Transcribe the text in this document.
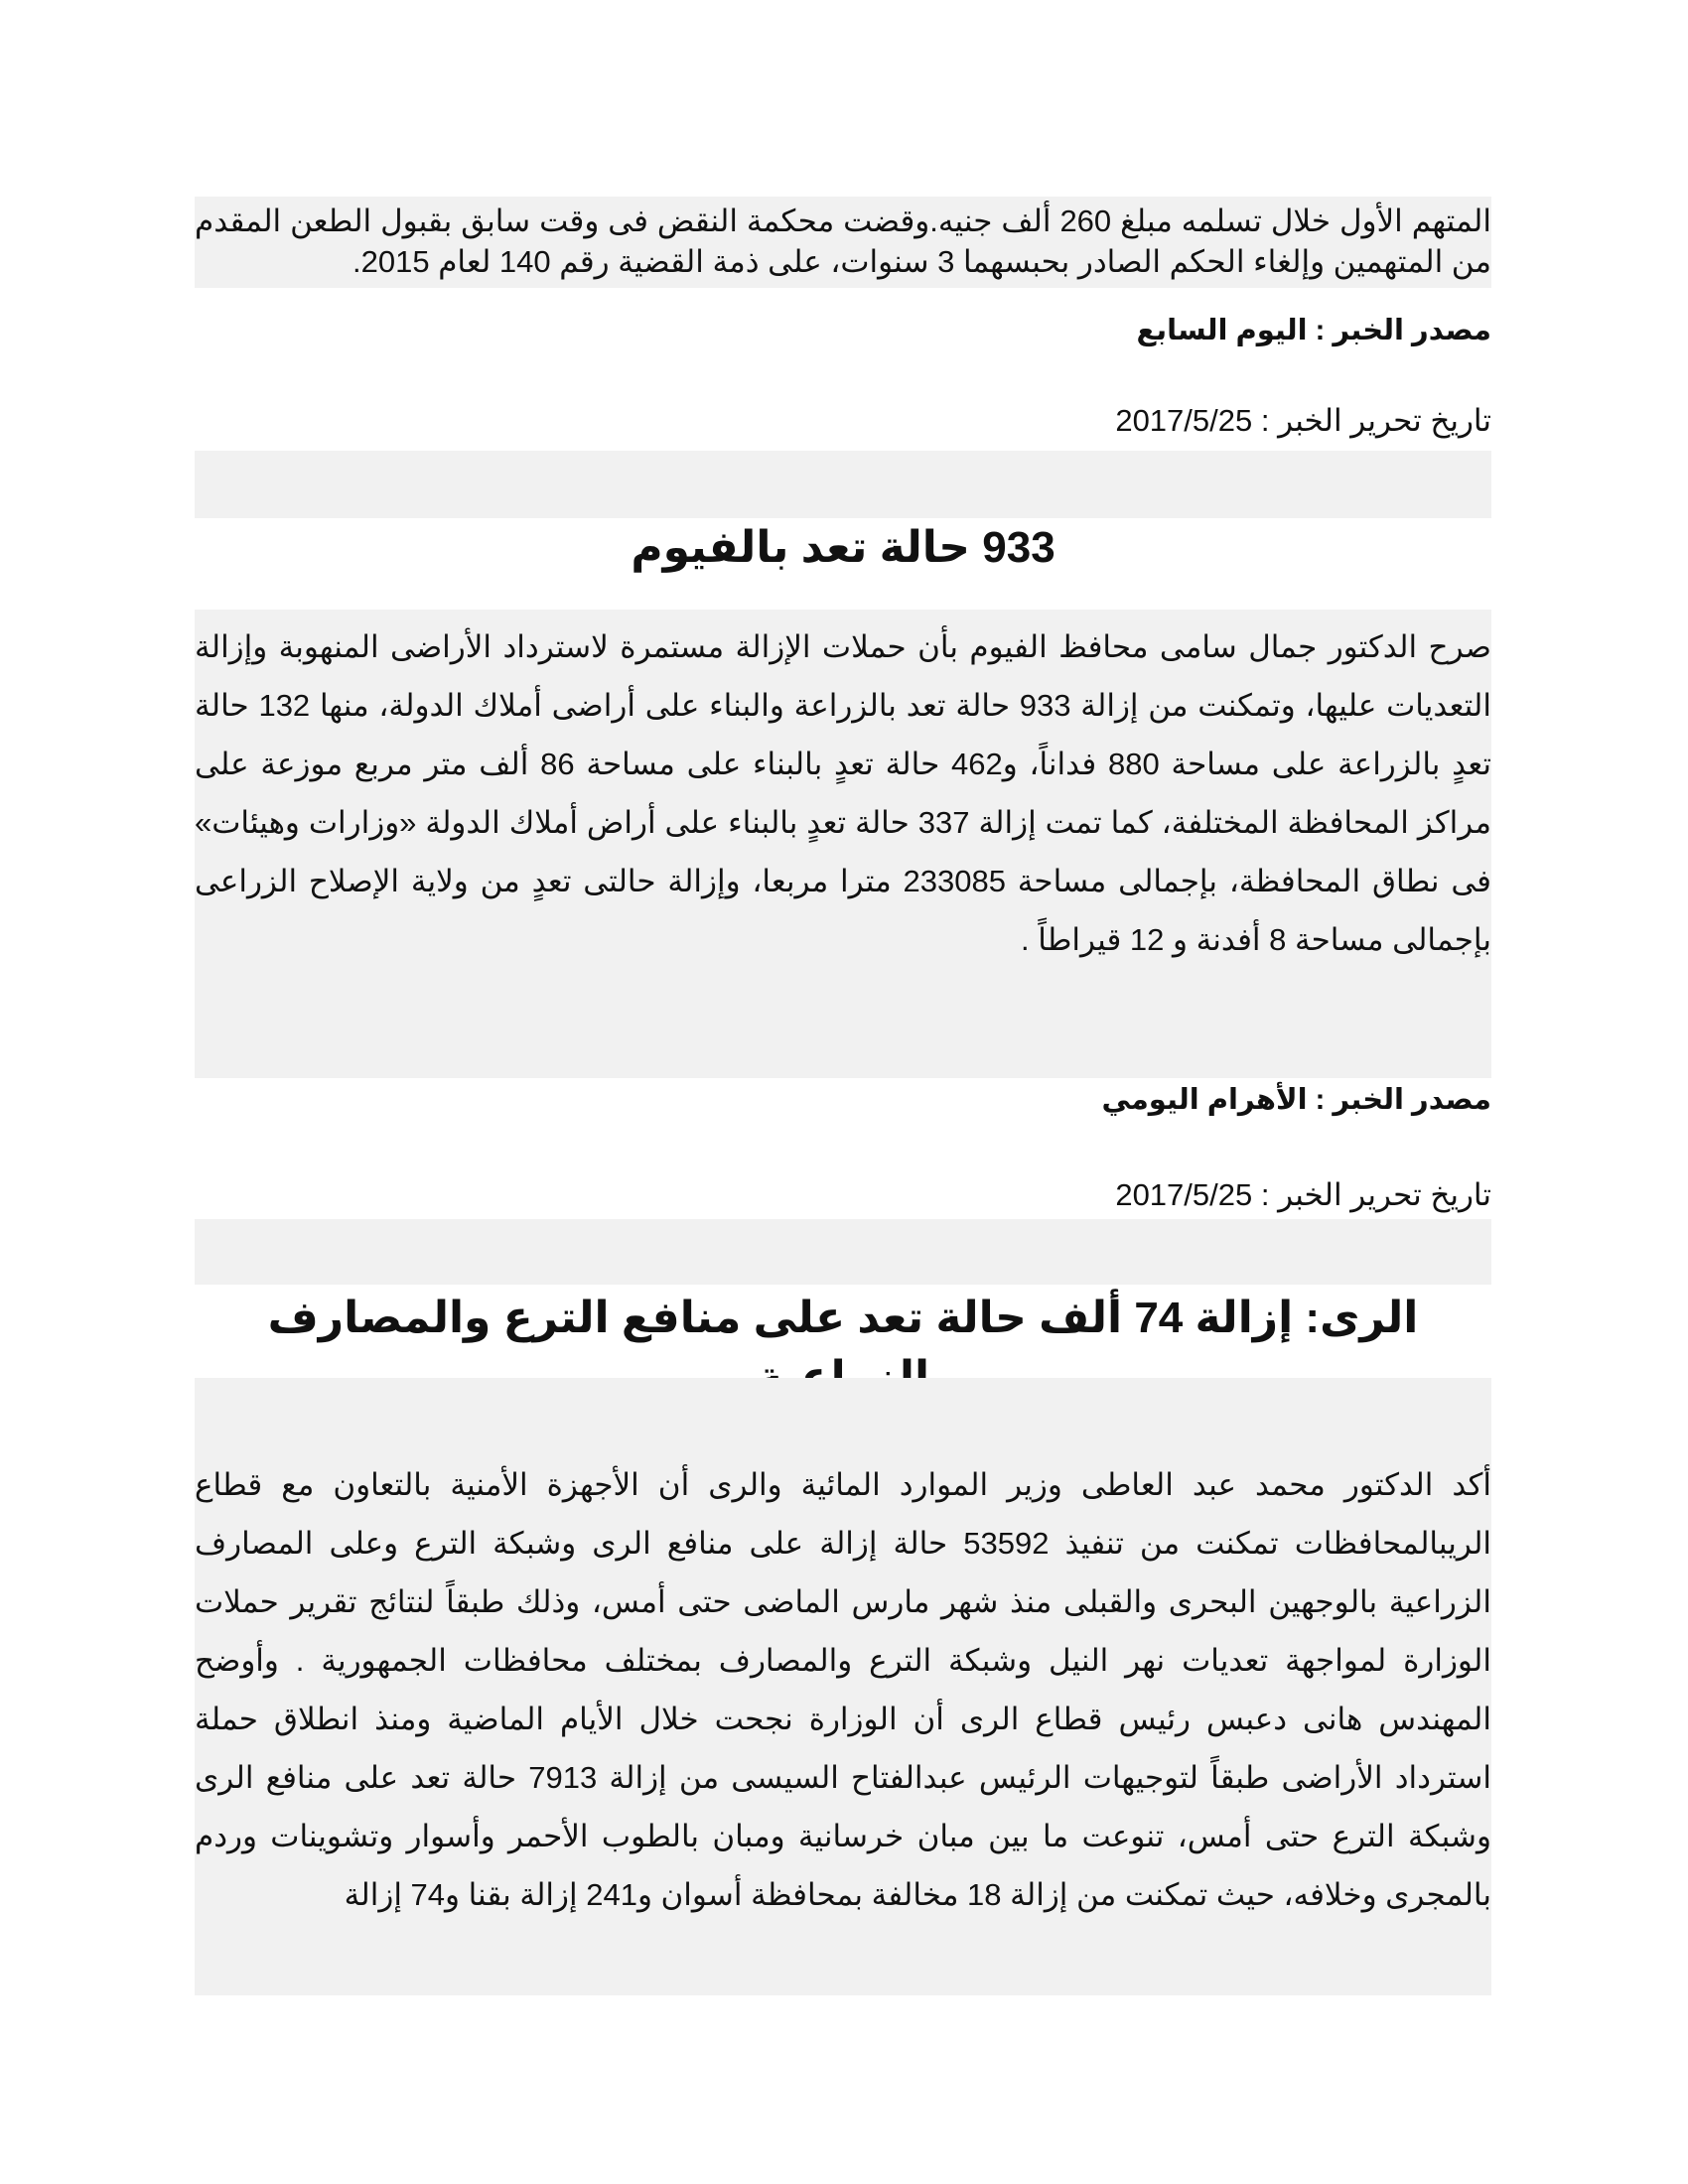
المتهم الأول خلال تسلمه مبلغ 260 ألف جنيه.وقضت محكمة النقض فى وقت سابق بقبول الطعن المقدم من المتهمين وإلغاء الحكم الصادر بحبسهما 3 سنوات، على ذمة القضية رقم 140 لعام 2015.
مصدر الخبر : اليوم السابع
تاريخ تحرير الخبر : 2017/5/25
933 حالة تعد بالفيوم
صرح الدكتور جمال سامى محافظ الفيوم بأن حملات الإزالة مستمرة لاسترداد الأراضى المنهوبة وإزالة التعديات عليها، وتمكنت من إزالة 933 حالة تعد بالزراعة والبناء على أراضى أملاك الدولة، منها 132 حالة تعدٍ بالزراعة على مساحة 880 فداناً، و462 حالة تعدٍ بالبناء على مساحة 86 ألف متر مربع موزعة على مراكز المحافظة المختلفة، كما تمت إزالة 337 حالة تعدٍ بالبناء على أراض أملاك الدولة «وزارات وهيئات» فى نطاق المحافظة، بإجمالى مساحة 233085 مترا مربعا، وإزالة حالتى تعدٍ من ولاية الإصلاح الزراعى بإجمالى مساحة 8 أفدنة و 12 قيراطاً .
مصدر الخبر : الأهرام اليومي
تاريخ تحرير الخبر : 2017/5/25
الرى: إزالة 74 ألف حالة تعد على منافع الترع والمصارف
أكد الدكتور محمد عبد العاطى وزير الموارد المائية والرى أن الأجهزة الأمنية بالتعاون مع قطاع الريبالمحافظات تمكنت من تنفيذ 53592 حالة إزالة على منافع الرى وشبكة الترع وعلى المصارف الزراعية بالوجهين البحرى والقبلى منذ شهر مارس الماضى حتى أمس، وذلك طبقاً لنتائج تقرير حملات الوزارة لمواجهة تعديات نهر النيل وشبكة الترع والمصارف بمختلف محافظات الجمهورية . وأوضح المهندس هانى دعبس رئيس قطاع الرى أن الوزارة نجحت خلال الأيام الماضية ومنذ انطلاق حملة استرداد الأراضى طبقاً لتوجيهات الرئيس عبدالفتاح السيسى من إزالة 7913 حالة تعد على منافع الرى وشبكة الترع حتى أمس، تنوعت ما بين مبان خرسانية ومبان بالطوب الأحمر وأسوار وتشوينات وردم بالمجرى وخلافه، حيث تمكنت من إزالة 18 مخالفة بمحافظة أسوان و241 إزالة بقنا و74 إزالة
